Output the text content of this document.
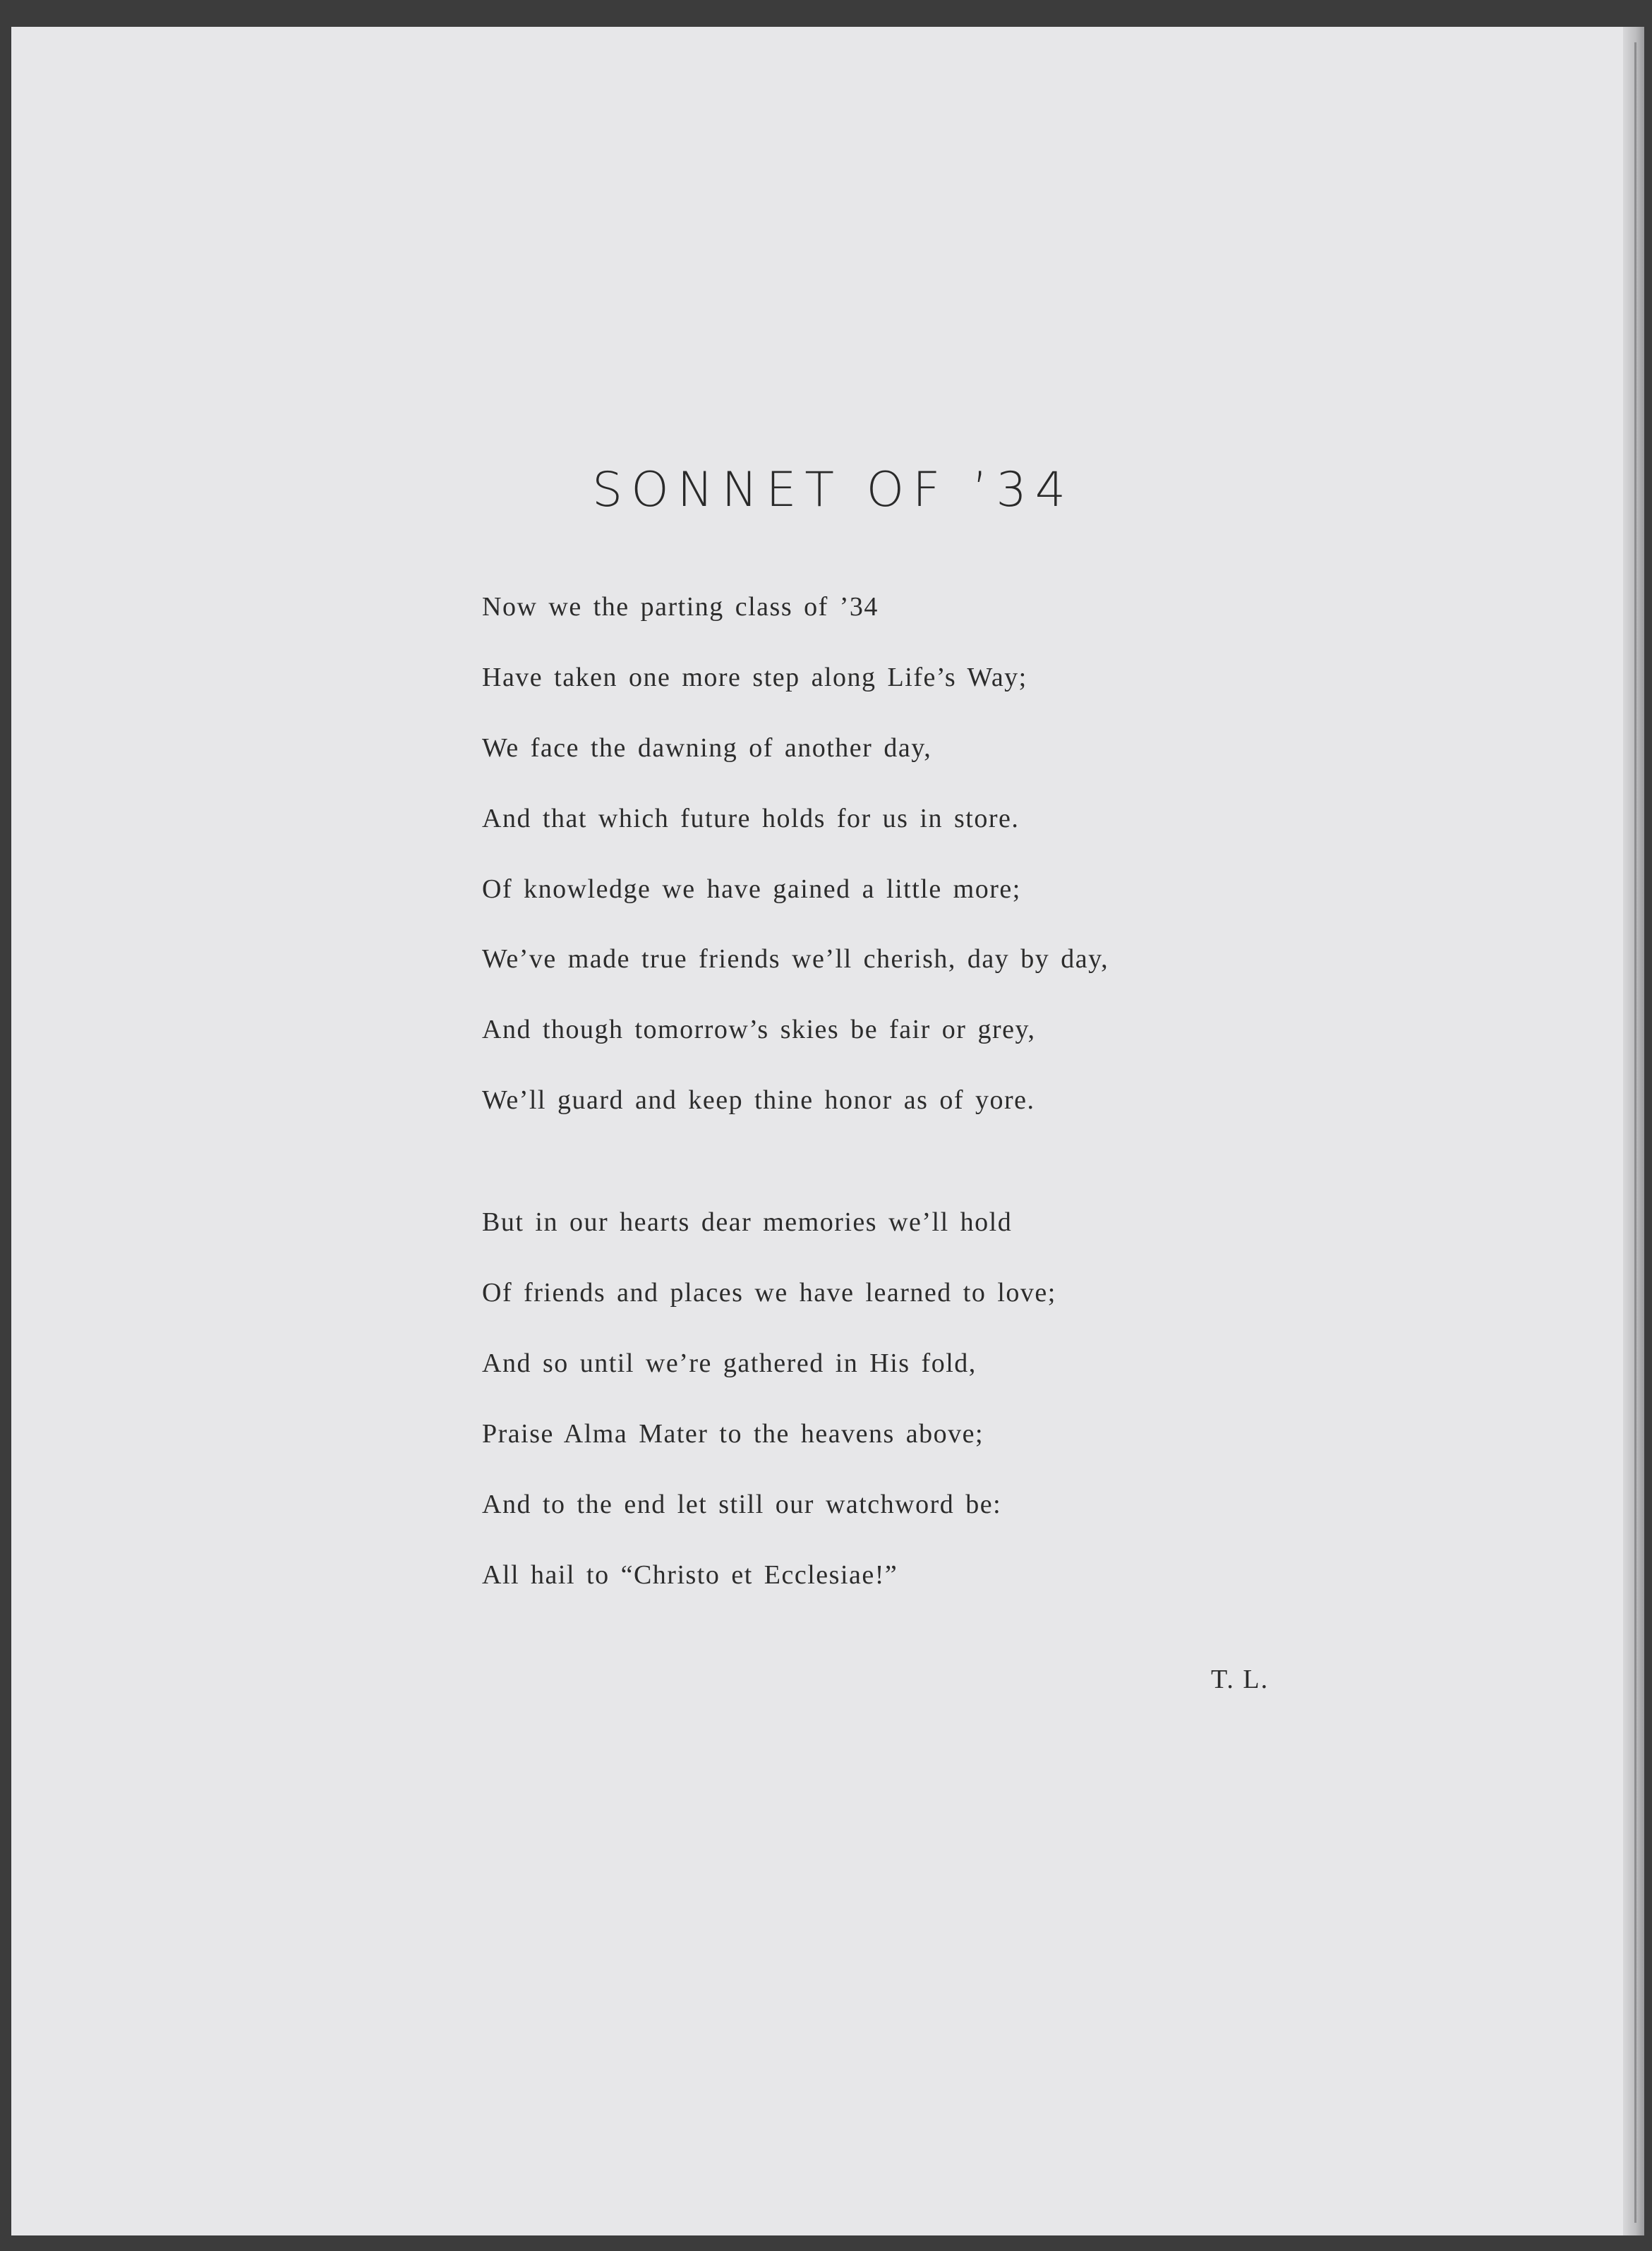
SONNET OF ’34
Now we the parting class of ’34
Have taken one more step along Life’s Way;
We face the dawning of another day,
And that which future holds for us in store.
Of knowledge we have gained a little more;
We’ve made true friends we’ll cherish, day by day,
And though tomorrow’s skies be fair or grey,
We’ll guard and keep thine honor as of yore.
But in our hearts dear memories we’ll hold
Of friends and places we have learned to love;
And so until we’re gathered in His fold,
Praise Alma Mater to the heavens above;
And to the end let still our watchword be:
All hail to “Christo et Ecclesiae!”
T. L.
